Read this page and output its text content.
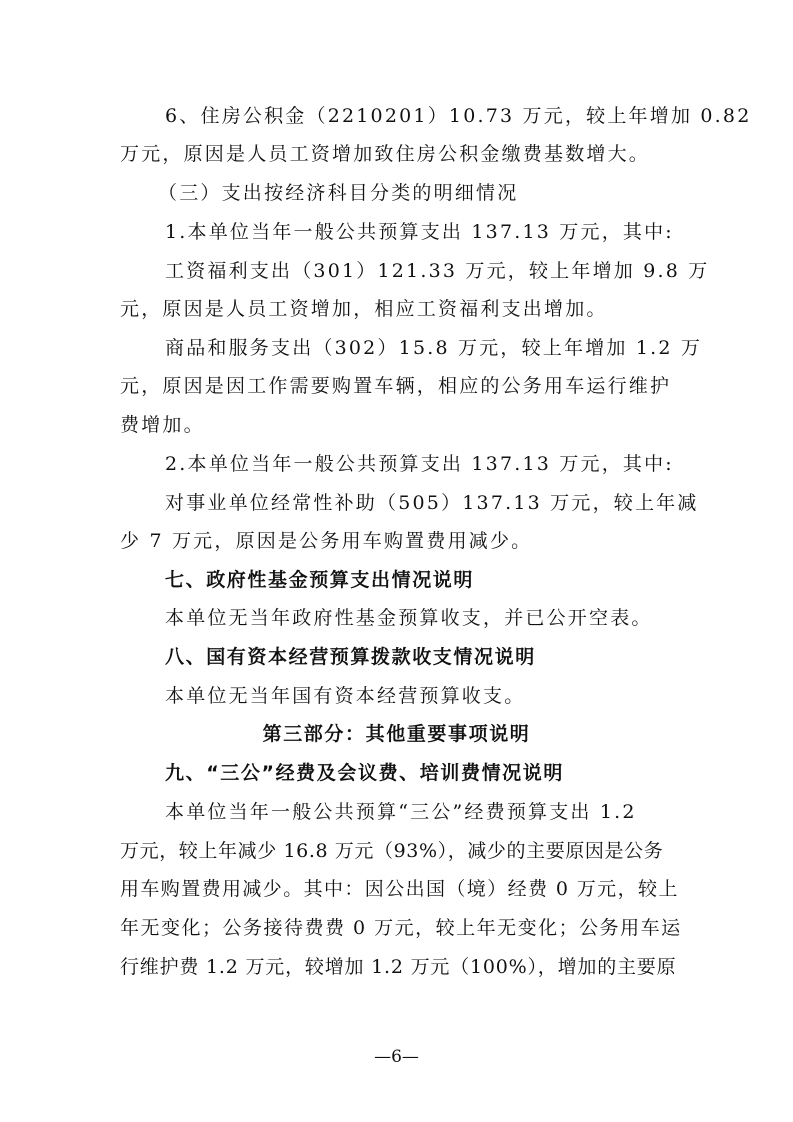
6、住房公积金（2210201）10.73 万元，较上年增加 0.82
万元，原因是人员工资增加致住房公积金缴费基数增大。
（三）支出按经济科目分类的明细情况
1.本单位当年一般公共预算支出 137.13 万元，其中:
工资福利支出（301）121.33 万元，较上年增加 9.8 万
元，原因是人员工资增加，相应工资福利支出增加。
商品和服务支出（302）15.8 万元，较上年增加 1.2 万
元，原因是因工作需要购置车辆，相应的公务用车运行维护
费增加。
2.本单位当年一般公共预算支出 137.13 万元，其中:
对事业单位经常性补助（505）137.13 万元，较上年减
少 7 万元，原因是公务用车购置费用减少。
七、政府性基金预算支出情况说明
本单位无当年政府性基金预算收支，并已公开空表。
八、国有资本经营预算拨款收支情况说明
本单位无当年国有资本经营预算收支。
第三部分：其他重要事项说明
九、“三公”经费及会议费、培训费情况说明
本单位当年一般公共预算“三公”经费预算支出 1.2
万元，较上年减少 16.8 万元（93%），减少的主要原因是公务
用车购置费用减少。其中：因公出国（境）经费 0 万元，较上
年无变化；公务接待费费 0 万元，较上年无变化；公务用车运
行维护费 1.2 万元，较增加 1.2 万元（100%），增加的主要原
—6—
